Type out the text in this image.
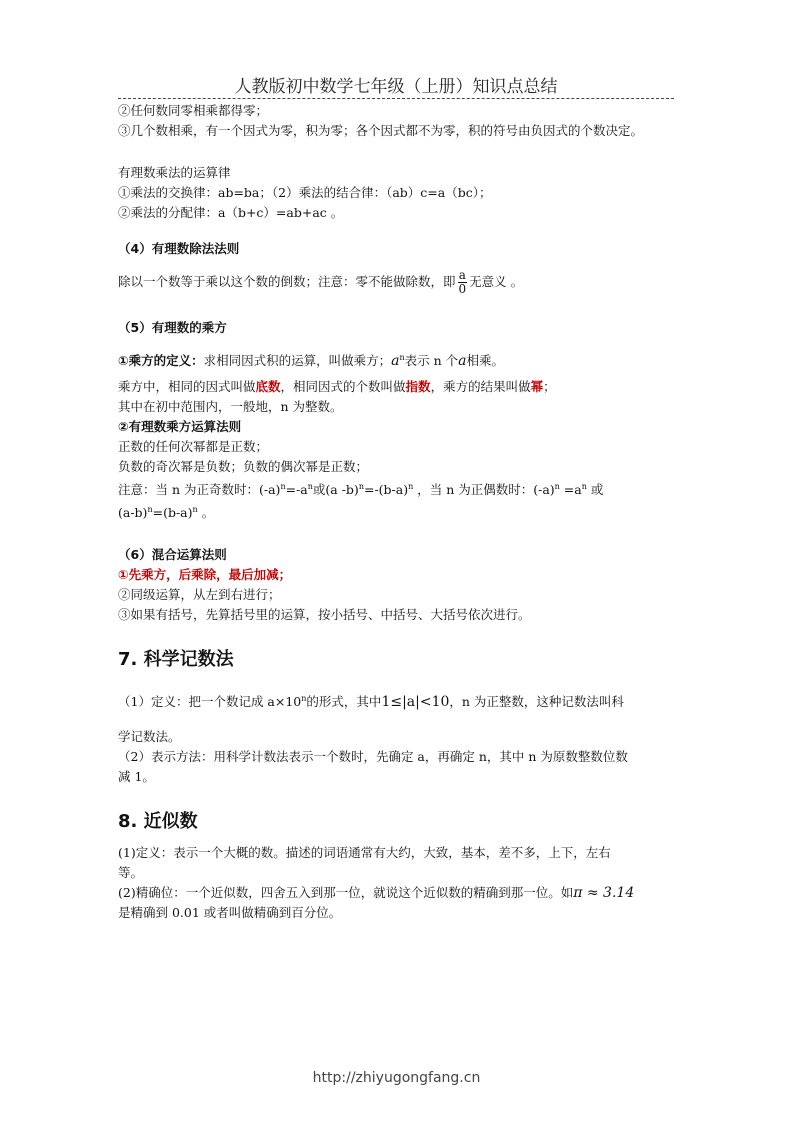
人教版初中数学七年级（上册）知识点总结

②任何数同零相乘都得零；

③几个数相乘，有一个因式为零，积为零；各个因式都不为零，积的符号由负因式的个数决定。

有理数乘法的运算律

①乘法的交换律：ab=ba；（2）乘法的结合律：（ab）c=a（bc）；

②乘法的分配律：a（b+c）=ab+ac 。

（4）有理数除法法则

除以一个数等于乘以这个数的倒数；注意：零不能做除数，即 $\frac{a}{0}$ 无意义 。

（5）有理数的乘方

①乘方的定义：求相同因式积的运算，叫做乘方；$a^n$表示 n 个a相乘。

乘方中，相同的因式叫做底数，相同因式的个数叫做指数，乘方的结果叫做幂；

其中在初中范围内，一般地，n 为整数。

②有理数乘方运算法则

正数的任何次幂都是正数；

负数的奇次幂是负数；负数的偶次幂是正数；

注意：当 n 为正奇数时：$(-a)^n=-a^n$或(a $-b)^n=-(b-a)^n$ ，当 n 为正偶数时：$(-a)^n =a^n$ 或

$(a-b)^n=(b-a)^n$ 。

（6）混合运算法则

①先乘方，后乘除，最后加减；

②同级运算，从左到右进行；

③如果有括号，先算括号里的运算，按小括号、中括号、大括号依次进行。

7. 科学记数法

（1）定义：把一个数记成 $a\times 10^n$的形式，其中1≤|a|<10，n 为正整数，这种记数法叫科

学记数法。

（2）表示方法：用科学计数法表示一个数时，先确定 a，再确定 n，其中 n 为原数整数位数

减 1。

8. 近似数

(1)定义：表示一个大概的数。描述的词语通常有大约，大致，基本，差不多，上下，左右

等。

(2)精确位：一个近似数，四舍五入到那一位，就说这个近似数的精确到那一位。如π ≈ 3.14

是精确到 0.01 或者叫做精确到百分位。

http://zhiyugongfang.cn
